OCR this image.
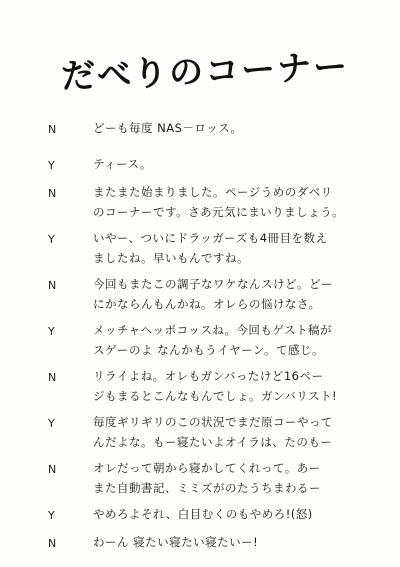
だべりのコーナー
N	どーも毎度 NAS－ロッス。
Y	ティース。
N	またまた始まりました。ページうめのダベリ
のコーナーです。さあ元気にまいりましょう。
Y	いやー、ついにドラッガーズも4冊目を数え
ましたね。早いもんですね。
N	今回もまたこの調子なワケなんスけど。どー
にかならんもんかね。オレらの悩けなさ。
Y	メッチャヘッポコッスね。今回もゲスト稿が
スゲーのよ なんかもうイヤーン。て感じ。
N	リライよね。オレもガンバったけど16ペー
ジもまるとこんなもんでしょ。ガンバリスト!
Y	毎度ギリギリのこの状況でまだ原コーやって
んだよな。もー寝たいよオイラは、たのもー
N	オレだって朝から寝かしてくれって。あー
また自動書記、ミミズがのたうちまわるー
Y	やめろよそれ、白目むくのもやめろ!(怒)
N	わーん 寝たい寝たい寝たいー!
